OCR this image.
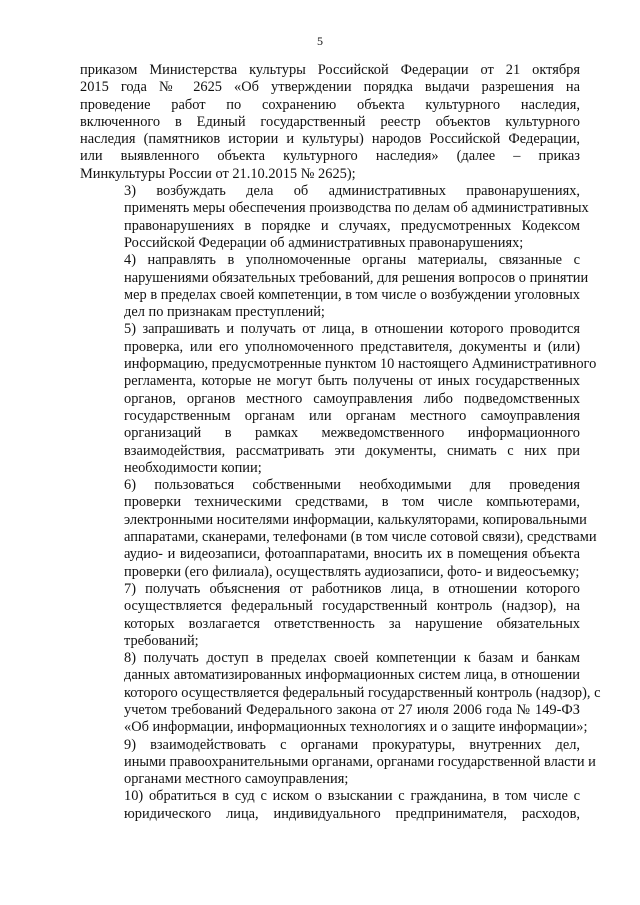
5

приказом Министерства культуры Российской Федерации от 21 октября
2015 года № 2625 «Об утверждении порядка выдачи разрешения на
проведение работ по сохранению объекта культурного наследия,
включенного в Единый государственный реестр объектов культурного
наследия (памятников истории и культуры) народов Российской Федерации,
или выявленного объекта культурного наследия» (далее – приказ
Минкультуры России от 21.10.2015 № 2625);

3) возбуждать дела об административных правонарушениях,
применять меры обеспечения производства по делам об административных
правонарушениях в порядке и случаях, предусмотренных Кодексом
Российской Федерации об административных правонарушениях;

4) направлять в уполномоченные органы материалы, связанные с
нарушениями обязательных требований, для решения вопросов о принятии
мер в пределах своей компетенции, в том числе о возбуждении уголовных
дел по признакам преступлений;

5) запрашивать и получать от лица, в отношении которого проводится
проверка, или его уполномоченного представителя, документы и (или)
информацию, предусмотренные пунктом 10 настоящего Административного
регламента, которые не могут быть получены от иных государственных
органов, органов местного самоуправления либо подведомственных
государственным органам или органам местного самоуправления
организаций в рамках межведомственного информационного
взаимодействия, рассматривать эти документы, снимать с них при
необходимости копии;

6) пользоваться собственными необходимыми для проведения
проверки техническими средствами, в том числе компьютерами,
электронными носителями информации, калькуляторами, копировальными
аппаратами, сканерами, телефонами (в том числе сотовой связи), средствами
аудио- и видеозаписи, фотоаппаратами, вносить их в помещения объекта
проверки (его филиала), осуществлять аудиозаписи, фото- и видеосъемку;

7) получать объяснения от работников лица, в отношении которого
осуществляется федеральный государственный контроль (надзор), на
которых возлагается ответственность за нарушение обязательных
требований;

8) получать доступ в пределах своей компетенции к базам и банкам
данных автоматизированных информационных систем лица, в отношении
которого осуществляется федеральный государственный контроль (надзор), с
учетом требований Федерального закона от 27 июля 2006 года № 149-ФЗ
«Об информации, информационных технологиях и о защите информации»;

9) взаимодействовать с органами прокуратуры, внутренних дел,
иными правоохранительными органами, органами государственной власти и
органами местного самоуправления;

10) обратиться в суд с иском о взыскании с гражданина, в том числе с
юридического лица, индивидуального предпринимателя, расходов,
